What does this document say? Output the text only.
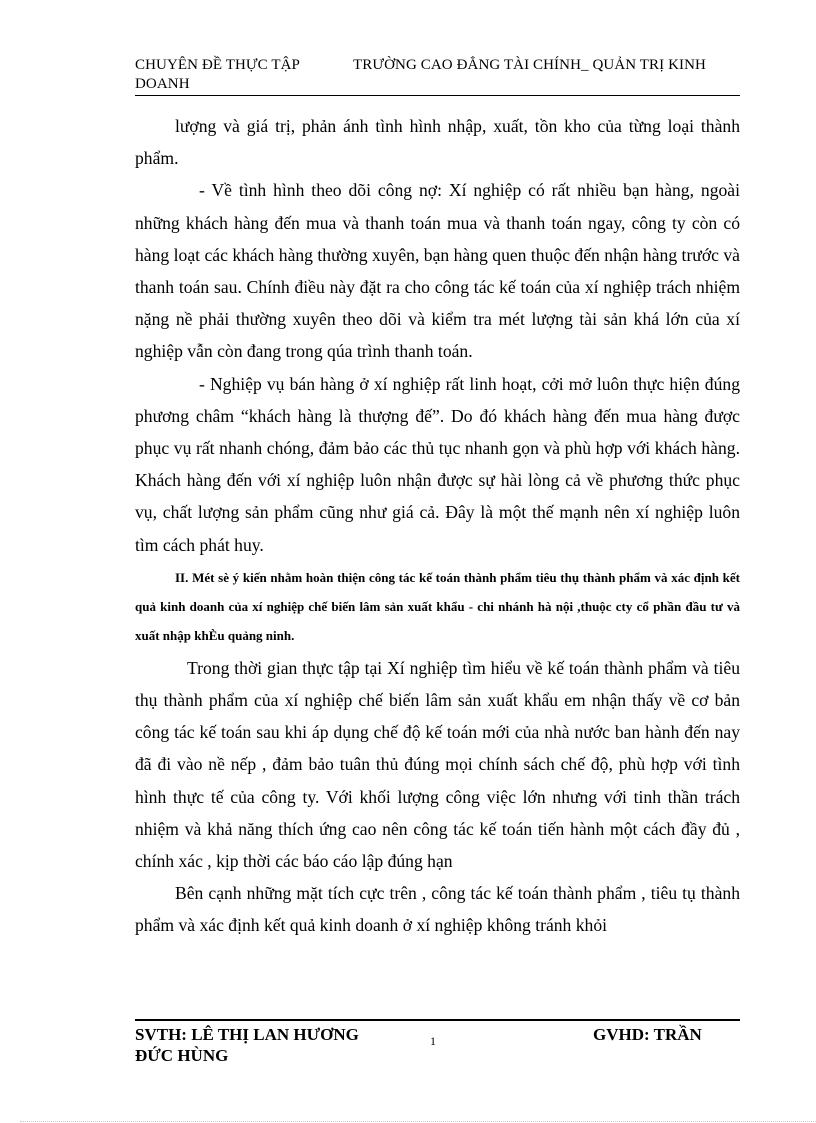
CHUYÊN ĐỀ THỰC TẬP	TRƯỜNG CAO ĐẲNG TÀI CHÍNH_ QUẢN TRỊ KINH
DOANH

lượng và giá trị, phản ánh tình hình nhập, xuất, tồn kho của từng loại thành phẩm.

- Về tình hình theo dõi công nợ: Xí nghiệp có rất nhiều bạn hàng, ngoài những khách hàng đến mua và thanh toán mua và thanh toán ngay, công ty còn có hàng loạt các khách hàng thường xuyên, bạn hàng quen thuộc đến nhận hàng trước và thanh toán sau. Chính điều này đặt ra cho công tác kế toán của xí nghiệp trách nhiệm nặng nề phải thường xuyên theo dõi và kiểm tra mét lượng tài sản khá lớn của xí nghiệp vẫn còn đang trong qúa trình thanh toán.

- Nghiệp vụ bán hàng ở xí nghiệp rất linh hoạt, cởi mở luôn thực hiện đúng phương châm “khách hàng là thượng đế”. Do đó khách hàng đến mua hàng được phục vụ rất nhanh chóng, đảm bảo các thủ tục nhanh gọn và phù hợp với khách hàng. Khách hàng đến với xí nghiệp luôn nhận được sự hài lòng cả về phương thức phục vụ, chất lượng sản phẩm cũng như giá cả. Đây là một thế mạnh nên xí nghiệp luôn tìm cách phát huy.

II. Mét sè ý kiến nhằm hoàn thiện công tác kế toán thành phẩm tiêu thụ thành phẩm và xác định kết quả kinh doanh của xí nghiệp chế biến lâm sản xuất khẩu - chi nhánh hà nội ,thuộc cty cổ phần đầu tư và xuất nhập khÈu quảng ninh.

Trong thời gian thực tập tại Xí nghiệp tìm hiểu về kế toán thành phẩm và tiêu thụ thành phẩm của xí nghiệp chế biến lâm sản xuất khẩu em nhận thấy về cơ bản công tác kế toán sau khi áp dụng chế độ kế toán mới của nhà nước ban hành đến nay đã đi vào nề nếp , đảm bảo tuân thủ đúng mọi chính sách chế độ, phù hợp với tình hình thực tế của công ty. Với khối lượng công việc lớn nhưng với tinh thần trách nhiệm và khả năng thích ứng cao nên công tác kế toán tiến hành một cách đầy đủ , chính xác , kịp thời các báo cáo lập đúng hạn

Bên cạnh những mặt tích cực trên , công tác kế toán thành phẩm , tiêu tụ thành phẩm và xác định kết quả kinh doanh ở xí nghiệp không tránh khỏi

SVTH: LÊ THỊ LAN HƯƠNG	1	GVHD: TRẦN
ĐỨC HÙNG
